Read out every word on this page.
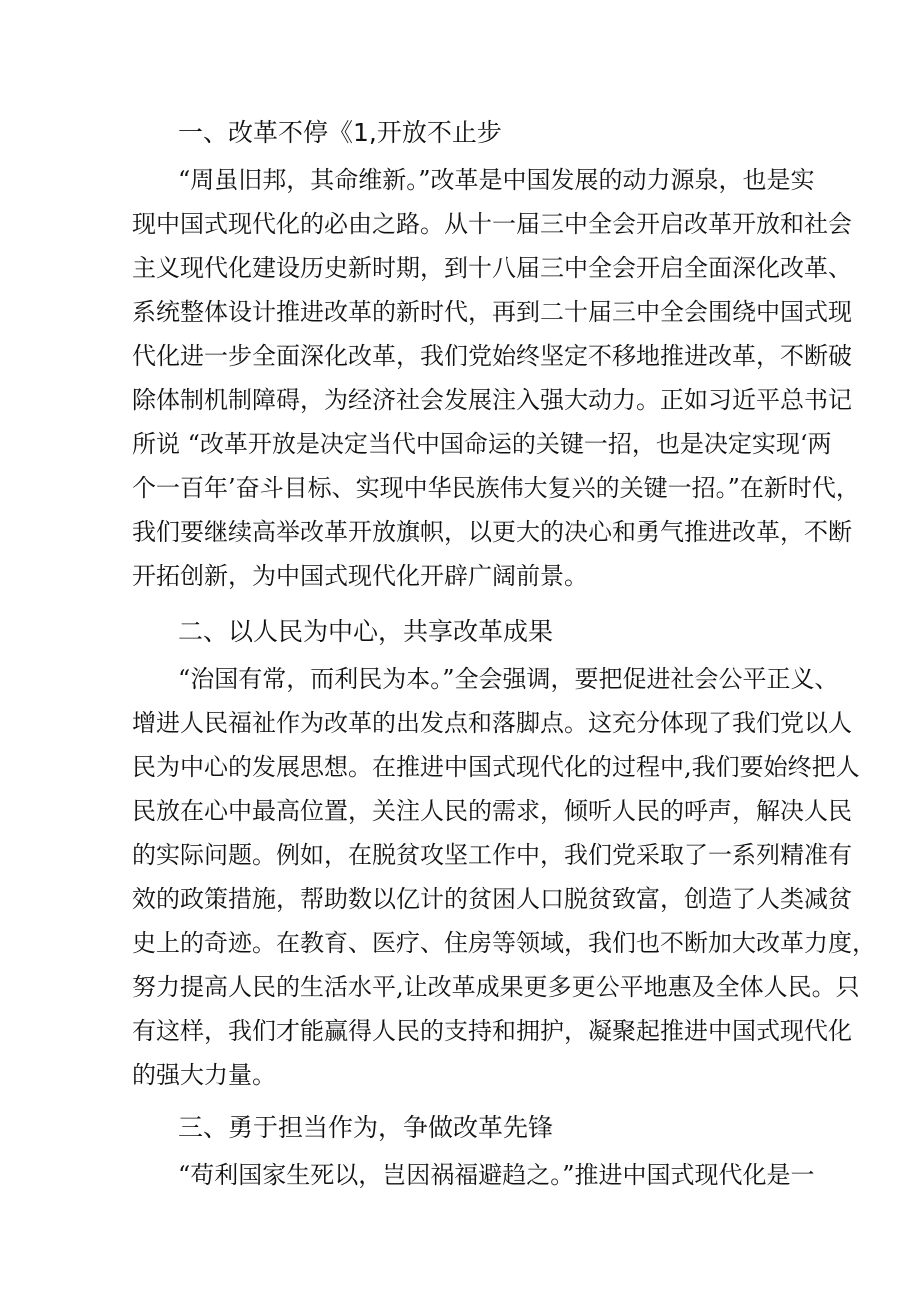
一、改革不停《1,开放不止步
“周虽旧邦，其命维新。”改革是中国发展的动力源泉，也是实
现中国式现代化的必由之路。从十一届三中全会开启改革开放和社会
主义现代化建设历史新时期，到十八届三中全会开启全面深化改革、
系统整体设计推进改革的新时代，再到二十届三中全会围绕中国式现
代化进一步全面深化改革，我们党始终坚定不移地推进改革，不断破
除体制机制障碍，为经济社会发展注入强大动力。正如习近平总书记
所说 “改革开放是决定当代中国命运的关键一招，也是决定实现‘两
个一百年’奋斗目标、实现中华民族伟大复兴的关键一招。”在新时代，
我们要继续高举改革开放旗帜，以更大的决心和勇气推进改革，不断
开拓创新，为中国式现代化开辟广阔前景。
二、以人民为中心，共享改革成果
“治国有常，而利民为本。”全会强调，要把促进社会公平正义、
增进人民福祉作为改革的出发点和落脚点。这充分体现了我们党以人
民为中心的发展思想。在推进中国式现代化的过程中,我们要始终把人
民放在心中最高位置，关注人民的需求，倾听人民的呼声，解决人民
的实际问题。例如，在脱贫攻坚工作中，我们党采取了一系列精准有
效的政策措施，帮助数以亿计的贫困人口脱贫致富，创造了人类减贫
史上的奇迹。在教育、医疗、住房等领域，我们也不断加大改革力度，
努力提高人民的生活水平,让改革成果更多更公平地惠及全体人民。只
有这样，我们才能赢得人民的支持和拥护，凝聚起推进中国式现代化
的强大力量。
三、勇于担当作为，争做改革先锋
“苟利国家生死以，岂因祸福避趋之。”推进中国式现代化是一
